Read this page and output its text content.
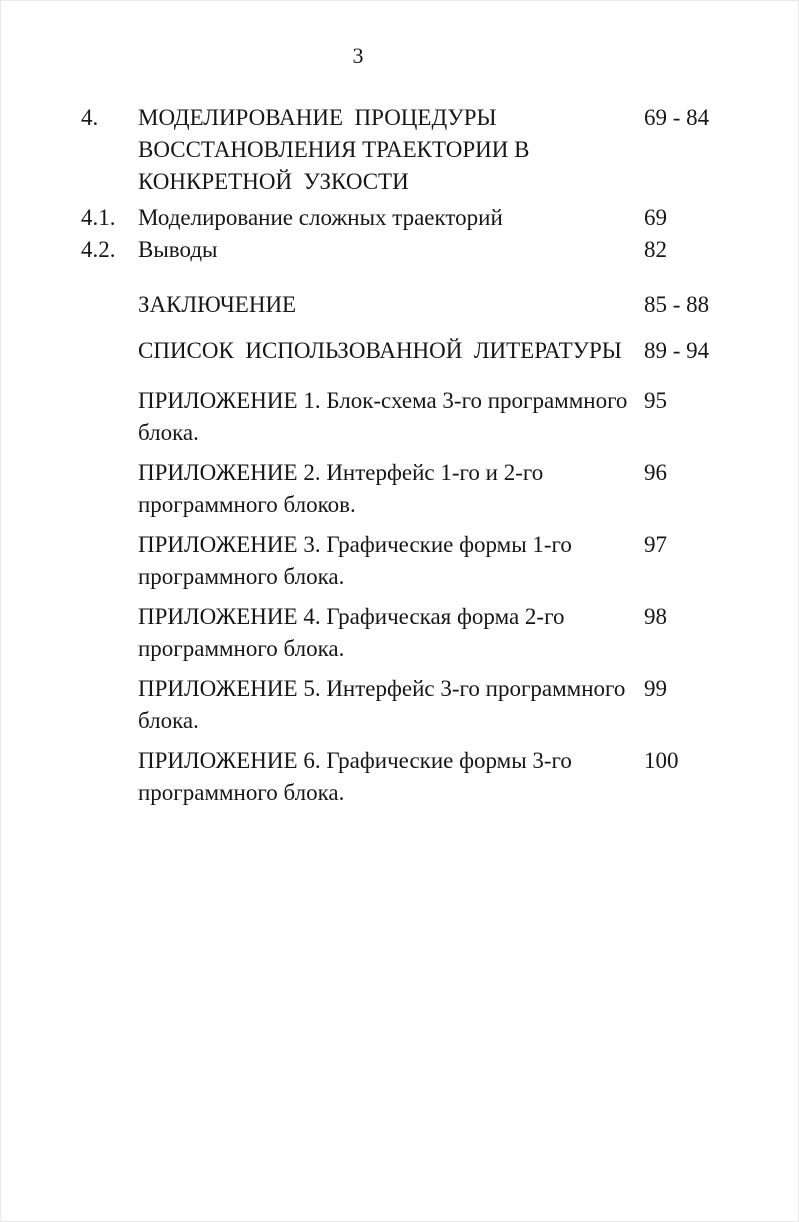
3
4.	МОДЕЛИРОВАНИЕ  ПРОЦЕДУРЫ
ВОССТАНОВЛЕНИЯ ТРАЕКТОРИИ В
КОНКРЕТНОЙ  УЗКОСТИ
69 - 84
4.1. Моделирование сложных траекторий	69
4.2. Выводы	82
ЗАКЛЮЧЕНИЕ	85 - 88
СПИСОК  ИСПОЛЬЗОВАННОЙ  ЛИТЕРАТУРЫ 89 - 94
ПРИЛОЖЕНИЕ 1. Блок-схема 3-го программного
блока.
95
ПРИЛОЖЕНИЕ 2. Интерфейс 1-го и 2-го
программного блоков.
96
ПРИЛОЖЕНИЕ 3. Графические формы 1-го
программного блока.
97
ПРИЛОЖЕНИЕ 4. Графическая форма 2-го
программного блока.
98
ПРИЛОЖЕНИЕ 5. Интерфейс 3-го программного
блока.
99
ПРИЛОЖЕНИЕ 6. Графические формы 3-го
программного блока.
100
